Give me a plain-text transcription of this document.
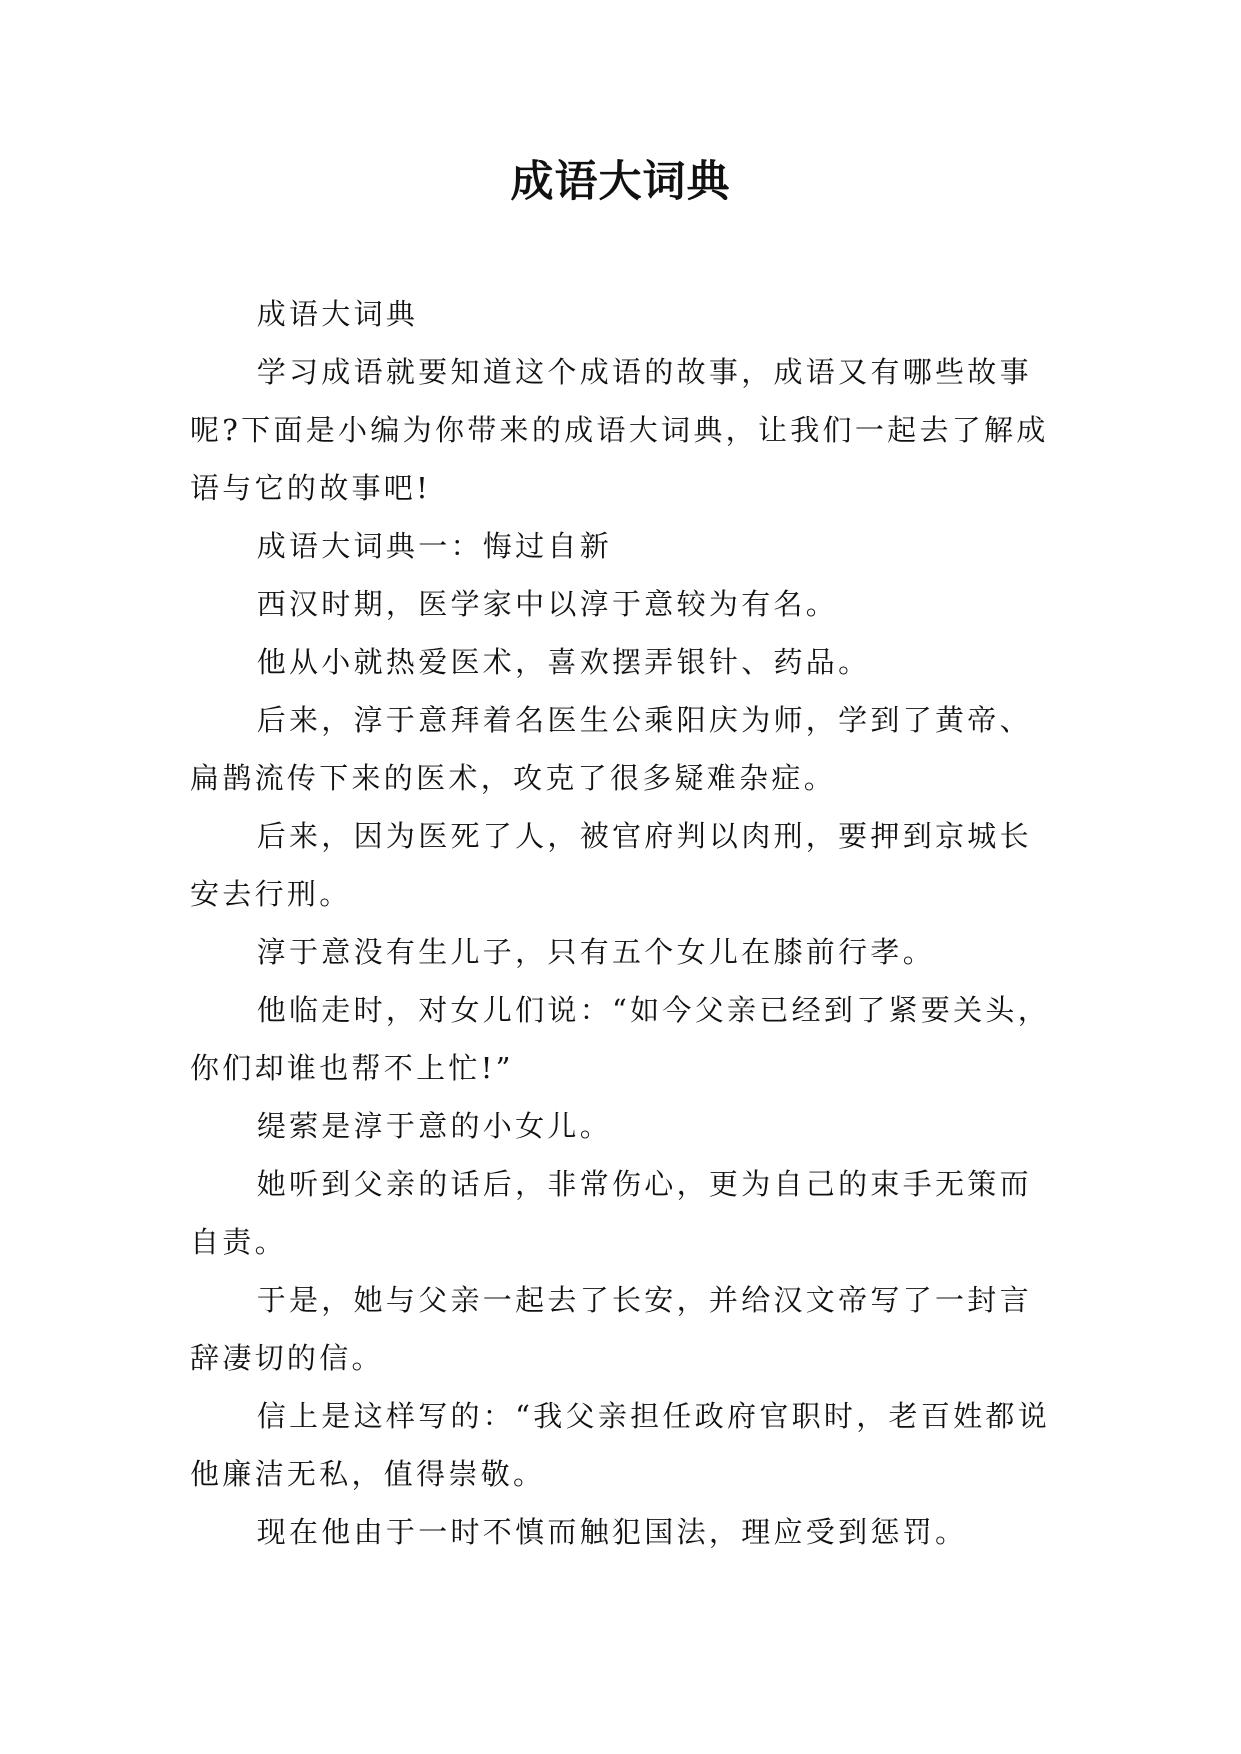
成语大词典

成语大词典

学习成语就要知道这个成语的故事，成语又有哪些故事呢?下面是小编为你带来的成语大词典，让我们一起去了解成语与它的故事吧!

成语大词典一：悔过自新

西汉时期，医学家中以淳于意较为有名。

他从小就热爱医术，喜欢摆弄银针、药品。

后来，淳于意拜着名医生公乘阳庆为师，学到了黄帝、扁鹊流传下来的医术，攻克了很多疑难杂症。

后来，因为医死了人，被官府判以肉刑，要押到京城长安去行刑。

淳于意没有生儿子，只有五个女儿在膝前行孝。

他临走时，对女儿们说：“如今父亲已经到了紧要关头，你们却谁也帮不上忙!”

缇萦是淳于意的小女儿。

她听到父亲的话后，非常伤心，更为自己的束手无策而自责。

于是，她与父亲一起去了长安，并给汉文帝写了一封言辞凄切的信。

信上是这样写的：“我父亲担任政府官职时，老百姓都说他廉洁无私，值得崇敬。

现在他由于一时不慎而触犯国法，理应受到惩罚。
